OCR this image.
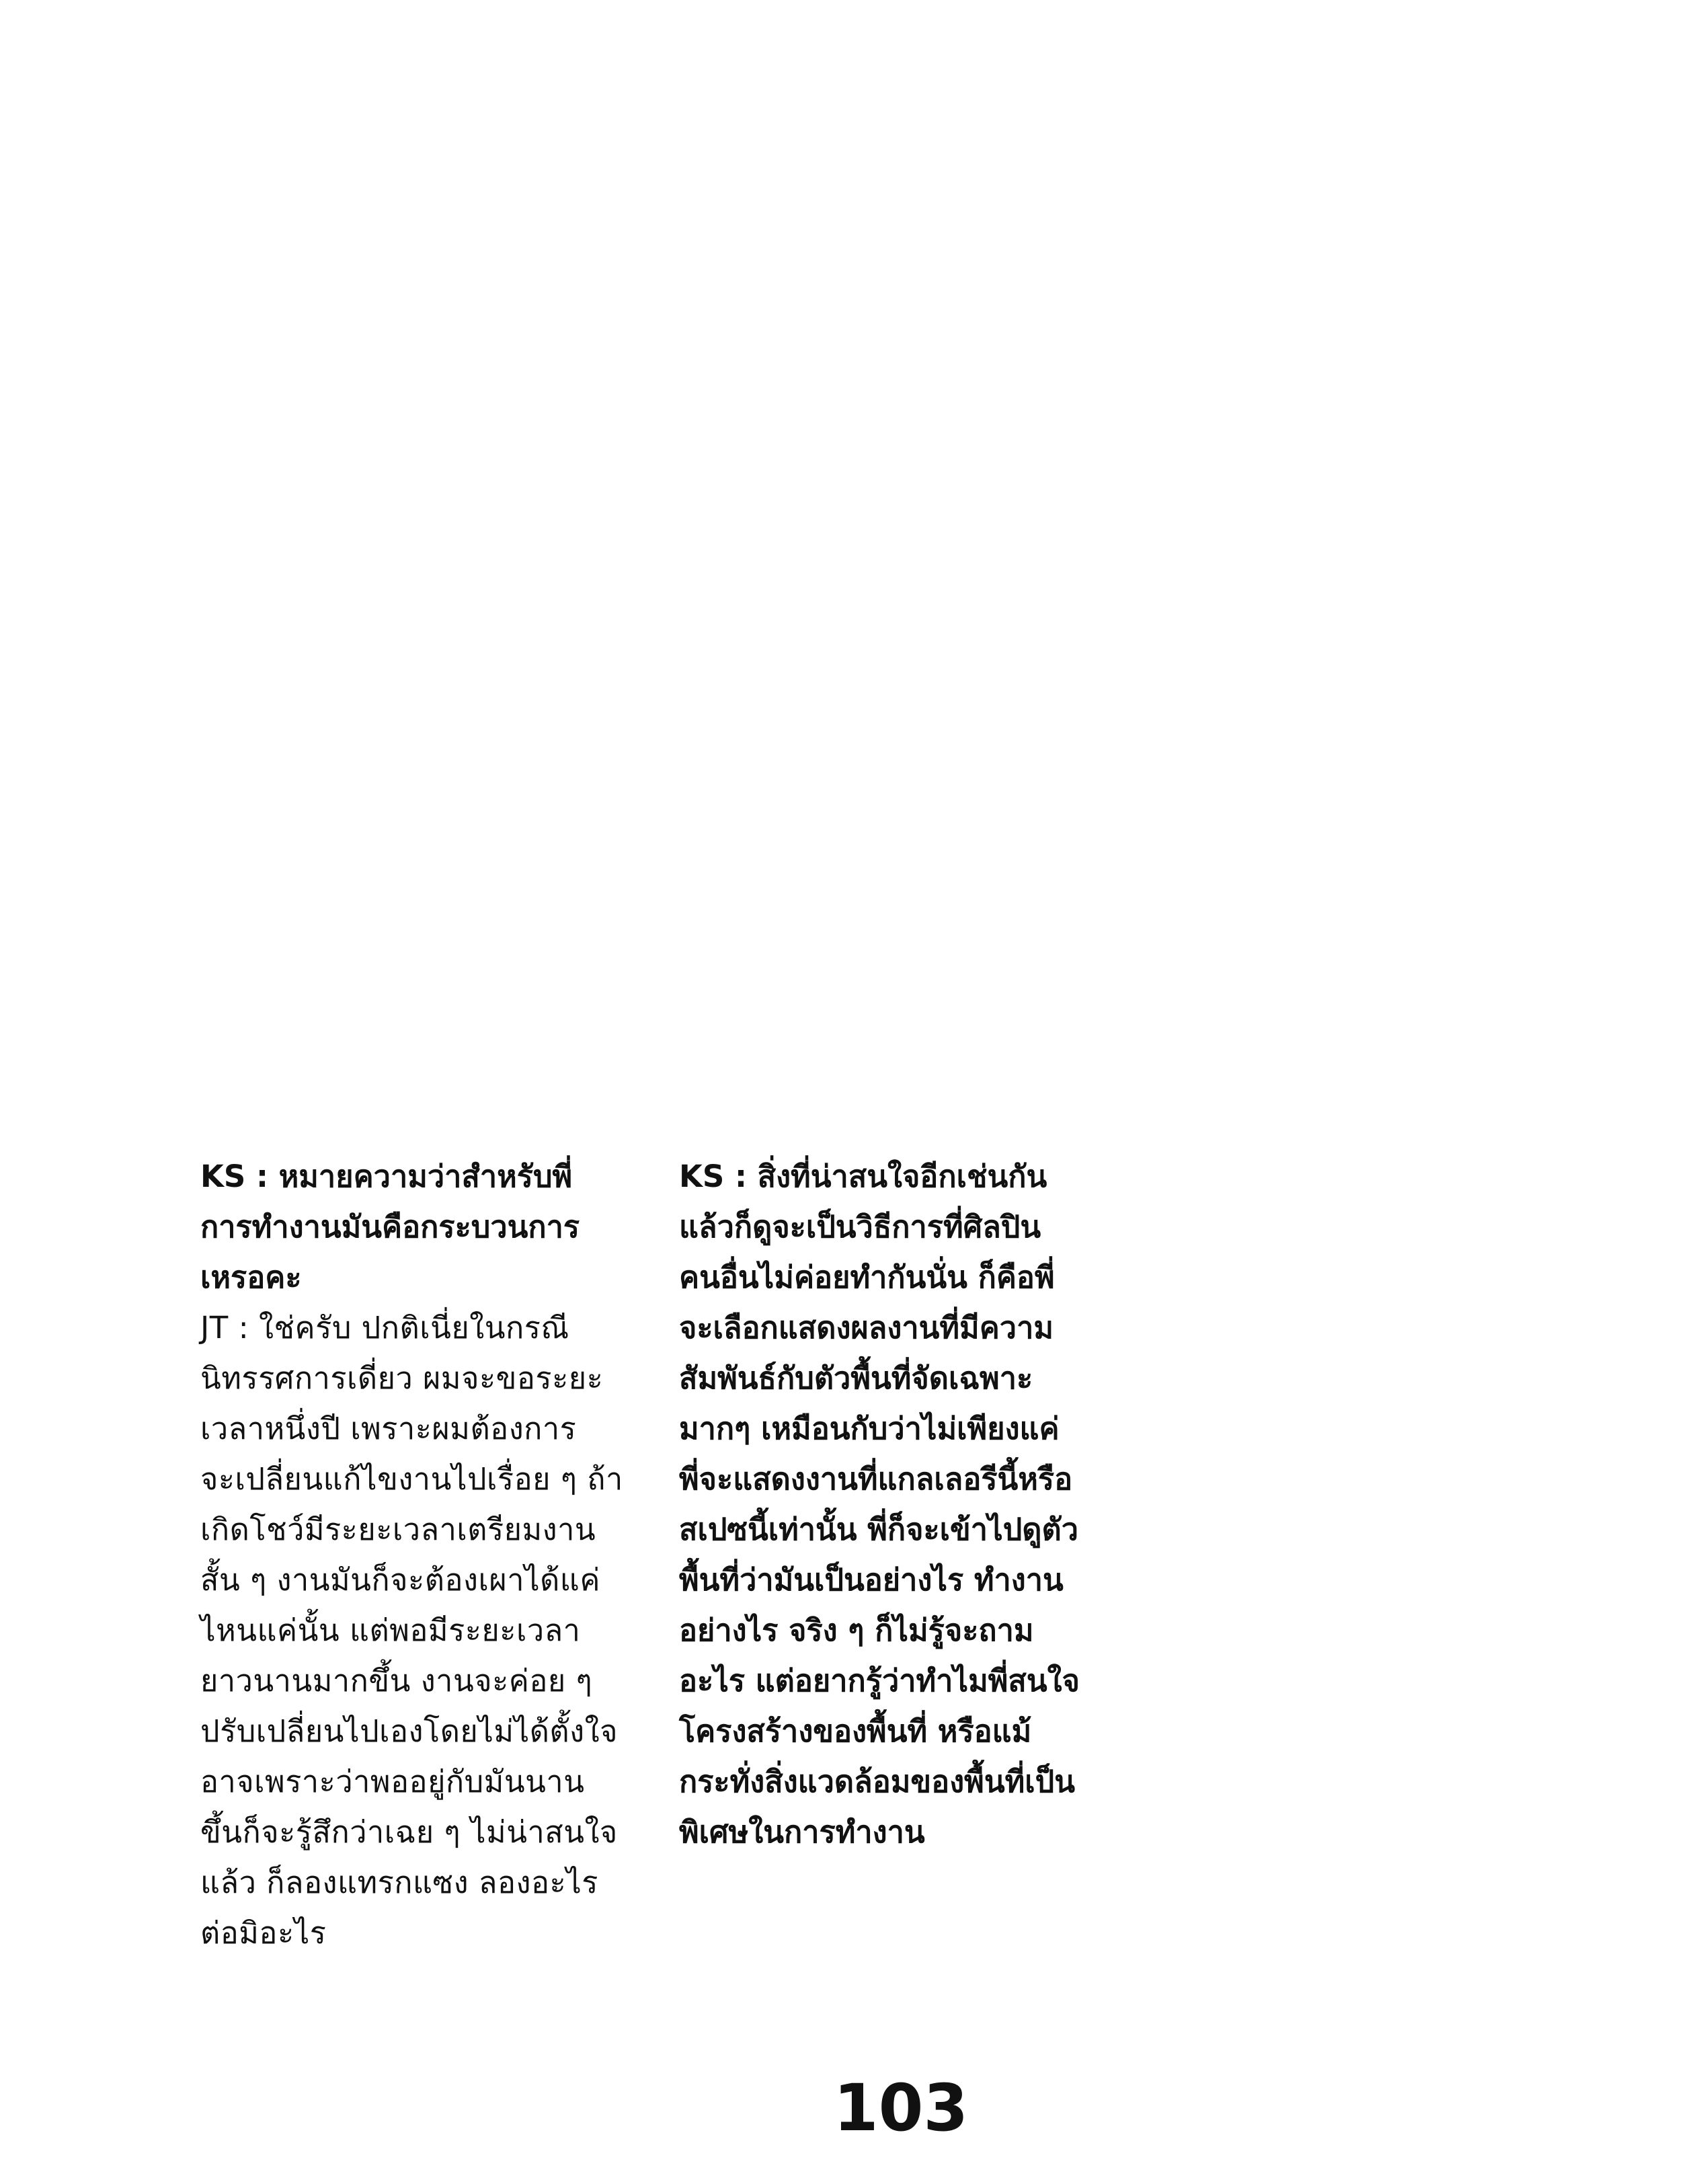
KS : หมายความว่าสำหรับพี่
การทำงานมันคือกระบวนการ
เหรอคะ
JT : ใช่ครับ ปกติเนี่ยในกรณี
นิทรรศการเดี่ยว ผมจะขอระยะ
เวลาหนึ่งปี เพราะผมต้องการ
จะเปลี่ยนแก้ไขงานไปเรื่อย ๆ ถ้า
เกิดโชว์มีระยะเวลาเตรียมงาน
สั้น ๆ งานมันก็จะต้องเผาได้แค่
ไหนแค่นั้น แต่พอมีระยะเวลา
ยาวนานมากขึ้น งานจะค่อย ๆ
ปรับเปลี่ยนไปเองโดยไม่ได้ตั้งใจ
อาจเพราะว่าพออยู่กับมันนาน
ขึ้นก็จะรู้สึกว่าเฉย ๆ ไม่น่าสนใจ
แล้ว ก็ลองแทรกแซง ลองอะไร
ต่อมิอะไร
KS : สิ่งที่น่าสนใจอีกเช่นกัน
แล้วก็ดูจะเป็นวิธีการที่ศิลปิน
คนอื่นไม่ค่อยทำกันนั่น ก็คือพี่
จะเลือกแสดงผลงานที่มีความ
สัมพันธ์กับตัวพื้นที่จัดเฉพาะ
มากๆ เหมือนกับว่าไม่เพียงแค่
พี่จะแสดงงานที่แกลเลอรีนี้หรือ
สเปซนี้เท่านั้น พี่ก็จะเข้าไปดูตัว
พื้นที่ว่ามันเป็นอย่างไร ทำงาน
อย่างไร จริง ๆ ก็ไม่รู้จะถาม
อะไร แต่อยากรู้ว่าทำไมพี่สนใจ
โครงสร้างของพื้นที่ หรือแม้
กระทั่งสิ่งแวดล้อมของพื้นที่เป็น
พิเศษในการทำงาน
103
